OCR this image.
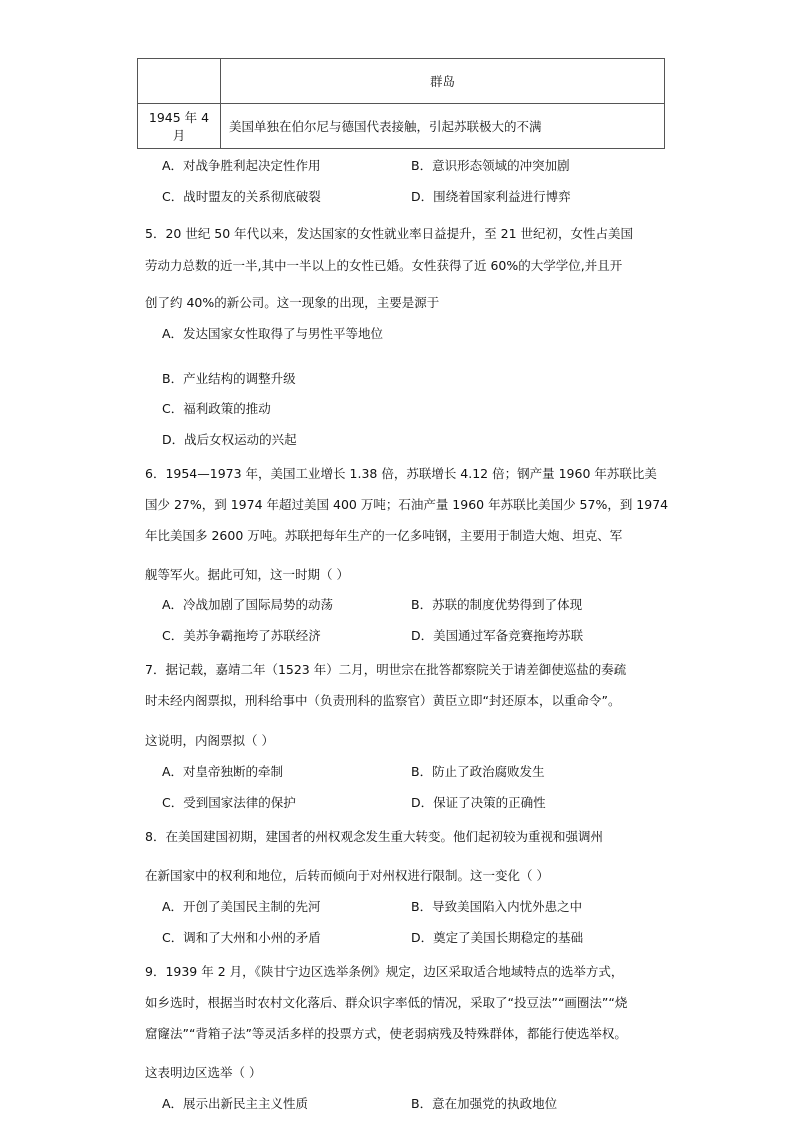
	群岛
1945 年 4 月	美国单独在伯尔尼与德国代表接触，引起苏联极大的不满
A．对战争胜利起决定性作用	B．意识形态领域的冲突加剧
C．战时盟友的关系彻底破裂	D．围绕着国家利益进行博弈
5．20 世纪 50 年代以来，发达国家的女性就业率日益提升，至 21 世纪初，女性占美国
劳动力总数的近一半,其中一半以上的女性已婚。女性获得了近 60%的大学学位,并且开
创了约 40%的新公司。这一现象的出现，主要是源于
A．发达国家女性取得了与男性平等地位
B．产业结构的调整升级
C．福利政策的推动
D．战后女权运动的兴起
6．1954—1973 年，美国工业增长 1.38 倍，苏联增长 4.12 倍；钢产量 1960 年苏联比美
国少 27%，到 1974 年超过美国 400 万吨；石油产量 1960 年苏联比美国少 57%，到 1974
年比美国多 2600 万吨。苏联把每年生产的一亿多吨钢，主要用于制造大炮、坦克、军
舰等军火。据此可知，这一时期（ ）
A．冷战加剧了国际局势的动荡	B．苏联的制度优势得到了体现
C．美苏争霸拖垮了苏联经济	D．美国通过军备竞赛拖垮苏联
7．据记载，嘉靖二年（1523 年）二月，明世宗在批答都察院关于请差御使巡盐的奏疏
时未经内阁票拟，刑科给事中（负责刑科的监察官）黄臣立即“封还原本，以重命令”。
这说明，内阁票拟（ ）
A．对皇帝独断的牵制	B．防止了政治腐败发生
C．受到国家法律的保护	D．保证了决策的正确性
8．在美国建国初期，建国者的州权观念发生重大转变。他们起初较为重视和强调州
在新国家中的权利和地位，后转而倾向于对州权进行限制。这一变化（ ）
A．开创了美国民主制的先河	B．导致美国陷入内忧外患之中
C．调和了大州和小州的矛盾	D．奠定了美国长期稳定的基础
9．1939 年 2 月，《陕甘宁边区选举条例》规定，边区采取适合地域特点的选举方式，
如乡选时，根据当时农村文化落后、群众识字率低的情况，采取了“投豆法”“画圈法”“烧
窟窿法”“背箱子法”等灵活多样的投票方式，使老弱病残及特殊群体，都能行使选举权。
这表明边区选举（ ）
A．展示出新民主主义性质	B．意在加强党的执政地位
